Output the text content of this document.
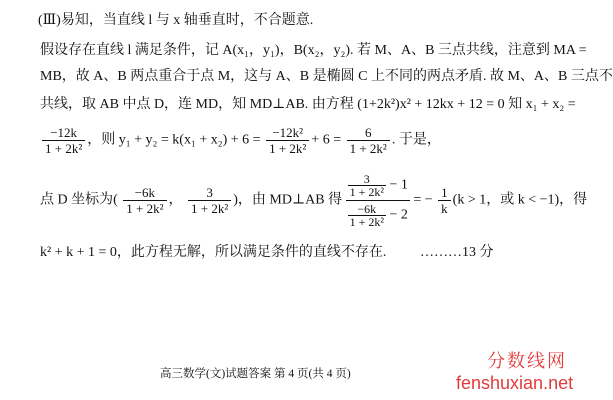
(Ⅲ)易知，当直线 l 与 x 轴垂直时，不合题意.
假设存在直线 l 满足条件，记 A(x₁，y₁)，B(x₂，y₂). 若 M、A、B 三点共线，注意到 MA =
MB，故 A、B 两点重合于点 M，这与 A、B 是椭圆 C 上不同的两点矛盾. 故 M、A、B 三点不
共线，取 AB 中点 D，连 MD，知 MD⊥AB. 由方程 (1+2k²)x² + 12kx + 12 = 0 知 x₁ + x₂ =
$\frac{-12k}{\text{1 + 2k²}}$ ，则 $y_1 + y_2 = k(x_1 + x_2) + 6 = \frac{\text{−12k²}}{\text{1 + 2k²}} + 6 = \frac{6}{\text{1 + 2k²}}$ . 于是，
点 D 坐标为( $\frac{-6k}{\text{1 + 2k²}}$ ， $\frac{3}{\text{1 + 2k²}}$ )，由 MD⊥AB 得 $\frac{\frac{3}{\text{1 + 2k²}} - 1}{\frac{-6k}{\text{1 + 2k²}} - 2}$ = − $\frac{1}{k} (k > 1$，或 k < −1)，得
k² + k + 1 = 0，此方程无解，所以满足条件的直线不存在. ………13 分
高三数学(文)试题答案 第 4 页(共 4 页)
分数线网
fenshuxian.net
